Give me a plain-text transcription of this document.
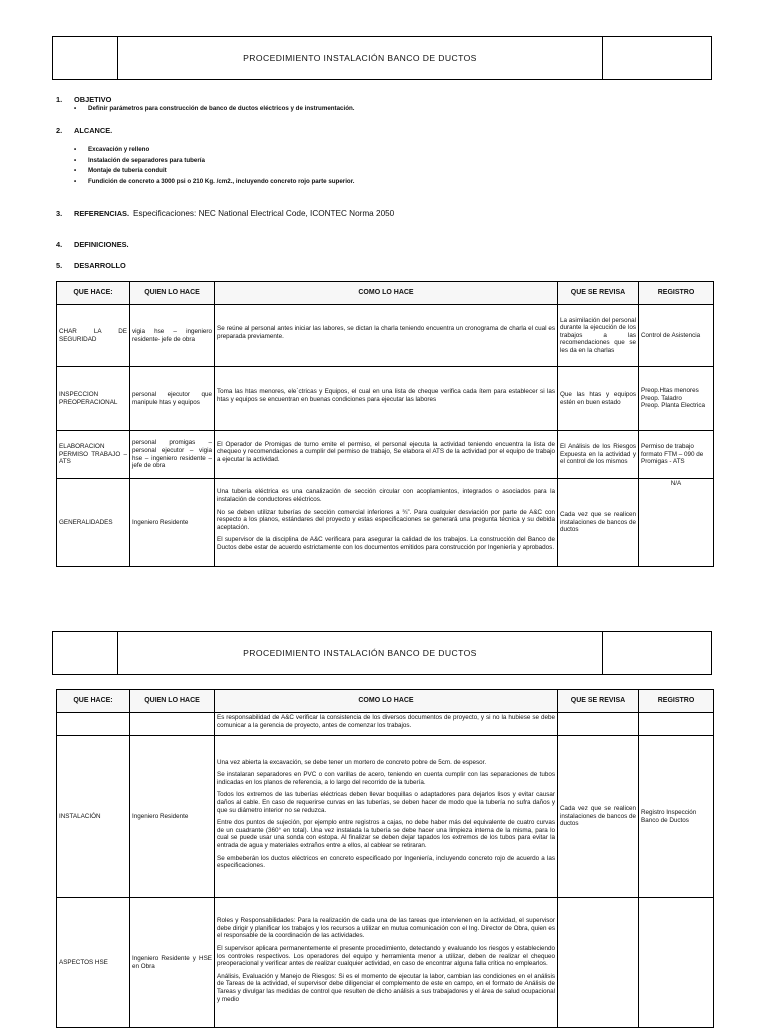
PROCEDIMIENTO INSTALACIÓN BANCO DE DUCTOS
1. OBJETIVO
• Definir parámetros para construcción de banco de ductos eléctricos y de instrumentación.
2. ALCANCE.
• Excavación y relleno
• Instalación de separadores para tubería
• Montaje de tubería conduit
• Fundición de concreto a 3000 psi o 210 Kg. /cm2., incluyendo concreto rojo parte superior.
3. REFERENCIAS. Especificaciones: NEC National Electrical Code, ICONTEC Norma 2050
4. DEFINICIONES.
5. DESARROLLO
QUE HACE:	QUIEN LO HACE	COMO LO HACE	QUE SE REVISA	REGISTRO
CHAR LA DE SEGURIDAD	vigia hse – ingeniero residente- jefe de obra	Se reúne al personal antes iniciar las labores, se dictan la charla teniendo encuentra un cronograma de charla el cual es preparada previamente.	La asimilación del personal durante la ejecución de los trabajos a las recomendaciones que se les da en la charlas	Control de Asistencia
INSPECCION PREOPERACIONAL	personal ejecutor que manipule htas y equipos	Toma las htas menores, ele`ctricas y Equipos, el cual en una lista de cheque verifica cada ítem para establecer si las htas y equipos se encuentran en buenas condiciones para ejecutar las labores	Que las htas y equipos estén en buen estado	Preop.Htas menores
Preop. Taladro
Preop. Planta Electrica
ELABORACION PERMISO TRABAJO – ATS	personal promigas – personal ejecutor – vigia hse – ingeniero residente – jefe de obra	El Operador de Promigas de turno emite el permiso, el personal ejecuta la actividad teniendo encuentra la lista de chequeo y recomendaciones a cumplir del permiso de trabajo, Se elabora el ATS de la actividad por el equipo de trabajo a ejecutar la actividad.	El Análisis de los Riesgos Expuesta en la actividad y el control de los mismos	Permiso de trabajo formato FTM – 090 de Promigas - ATS
GENERALIDADES	Ingeniero Residente	Una tubería eléctrica es una canalización de sección circular con acoplamientos, integrados o asociados para la instalación de conductores eléctricos.

No se deben utilizar tuberías de sección comercial inferiores a ¾”. Para cualquier desviación por parte de A&C con respecto a los planos, estándares del proyecto y estas especificaciones se generará una pregunta técnica y su debida aceptación.

El supervisor de la disciplina de A&C verificara para asegurar la calidad de los trabajos. La construcción del Banco de Ductos debe estar de acuerdo estrictamente con los documentos emitidos para construcción por Ingeniería y aprobados.	Cada vez que se realicen instalaciones de bancos de ductos	N/A
PROCEDIMIENTO INSTALACIÓN BANCO DE DUCTOS
QUE HACE:	QUIEN LO HACE	COMO LO HACE	QUE SE REVISA	REGISTRO

		Es responsabilidad de A&C verificar la consistencia de los diversos documentos de proyecto, y si no la hubiese se debe comunicar a la gerencia de proyecto, antes de comenzar los trabajos.		

INSTALACIÓN	Ingeniero Residente	Una vez abierta la excavación, se debe tener un mortero de concreto pobre de 5cm. de espesor.

Se instalaran separadores en PVC o con varillas de acero, teniendo en cuenta cumplir con las separaciones de tubos indicadas en los planos de referencia, a lo largo del recorrido de la tubería.

Todos los extremos de las tuberías eléctricas deben llevar boquillas o adaptadores para dejarlos lisos y evitar causar daños al cable. En caso de requerirse curvas en las tuberías, se deben hacer de modo que la tubería no sufra daños y que su diámetro interior no se reduzca.

Entre dos puntos de sujeción, por ejemplo entre registros a cajas, no debe haber más del equivalente de cuatro curvas de un cuadrante (360° en total). Una vez instalada la tubería se debe hacer una limpieza interna de la misma, para lo cual se puede usar una sonda con estopa. Al finalizar se deben dejar tapados los extremos de los tubos para evitar la entrada de agua y materiales extraños entre a ellos, al cablear se retiraran.

Se embeberán los ductos eléctricos en concreto especificado por Ingeniería, incluyendo concreto rojo de acuerdo a las especificaciones.	Cada vez que se realicen instalaciones de bancos de ductos	Registro Inspección Banco de Ductos
ASPECTOS HSE	Ingeniero Residente y HSE en Obra	Roles y Responsabilidades: Para la realización de cada una de las tareas que intervienen en la actividad, el supervisor debe dirigir y planificar los trabajos y los recursos a utilizar en mutua comunicación con el Ing. Director de Obra, quien es el responsable de la coordinación de las actividades.

El supervisor aplicara permanentemente el presente procedimiento, detectando y evaluando los riesgos y estableciendo los controles respectivos. Los operadores del equipo y herramienta menor a utilizar, deben de realizar el chequeo preoperacional y verificar antes de realizar cualquier actividad, en caso de encontrar alguna falla crítica no emplearlos.

Análisis, Evaluación y Manejo de Riesgos: Si es el momento de ejecutar la labor, cambian las condiciones en el análisis de Tareas de la actividad, el supervisor debe diligenciar el complemento de este en campo, en el formato de Análisis de Tareas y divulgar las medidas de control que resulten de dicho análisis a sus trabajadores y el área de salud ocupacional y medio		
